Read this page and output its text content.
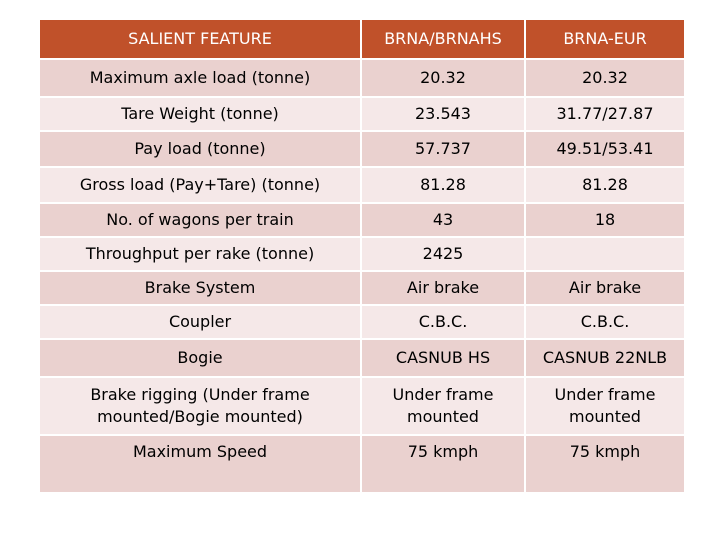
SALIENT FEATURE	BRNA/BRNAHS	BRNA-EUR
Maximum axle load (tonne)	20.32	20.32
Tare Weight (tonne)	23.543	31.77/27.87
Pay load (tonne)	57.737	49.51/53.41
Gross load (Pay+Tare) (tonne)	81.28	81.28
No. of wagons per train	43	18
Throughput per rake (tonne)	2425	
Brake System	Air brake	Air brake
Coupler	C.B.C.	C.B.C.
Bogie	CASNUB HS	CASNUB 22NLB
Brake rigging (Under frame mounted/Bogie mounted)	Under frame mounted	Under frame mounted
Maximum Speed	75 kmph	75 kmph
